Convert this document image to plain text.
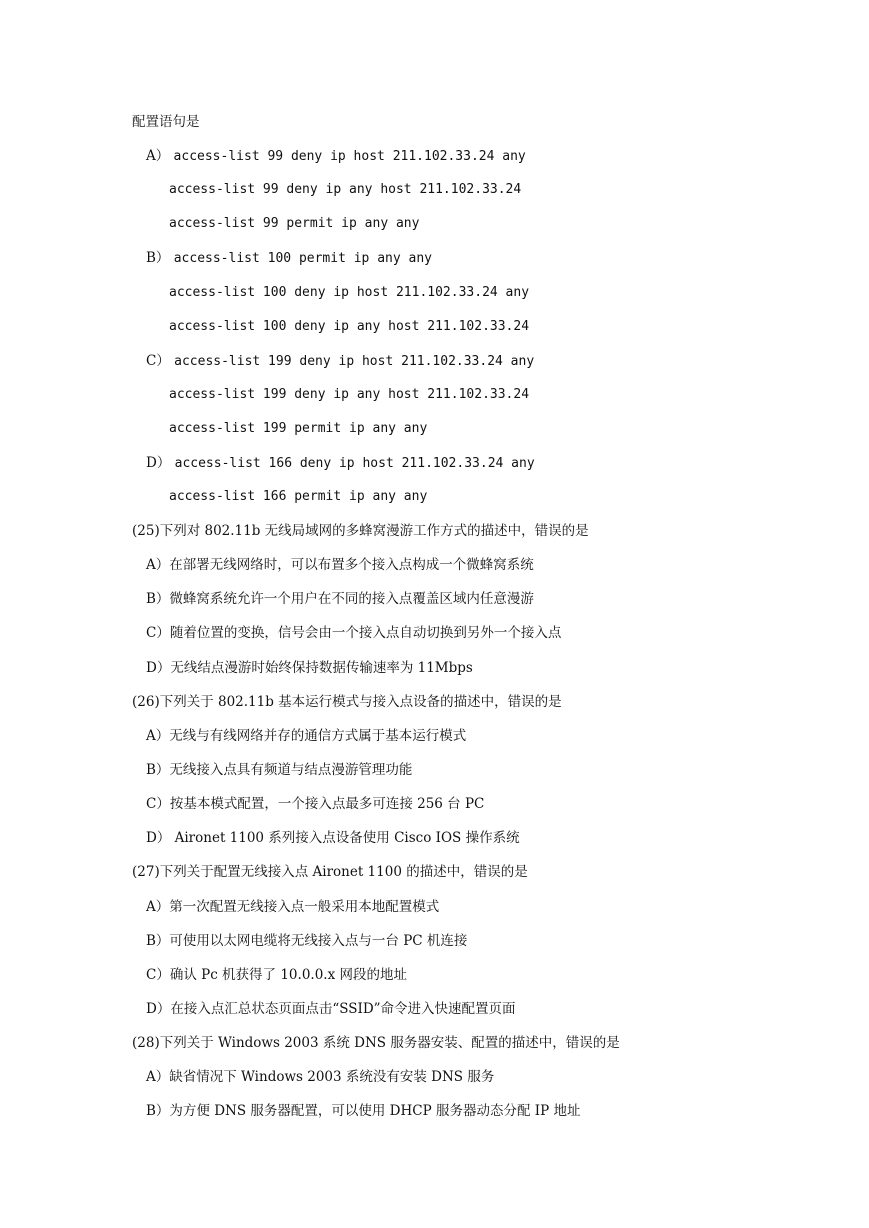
配置语句是
A） access-list 99 deny ip host 211.102.33.24 any
access-list 99 deny ip any host 211.102.33.24
access-list 99 permit ip any any
B） access-list 100 permit ip any any
access-list 100 deny ip host 211.102.33.24 any
access-list 100 deny ip any host 211.102.33.24
C） access-list 199 deny ip host 211.102.33.24 any
access-list 199 deny ip any host 211.102.33.24
access-list 199 permit ip any any
D） access-list 166 deny ip host 211.102.33.24 any
access-list 166 permit ip any any
(25)下列对 802.11b 无线局域网的多蜂窝漫游工作方式的描述中，错误的是
A）在部署无线网络时，可以布置多个接入点构成一个微蜂窝系统
B）微蜂窝系统允许一个用户在不同的接入点覆盖区域内任意漫游
C）随着位置的变换，信号会由一个接入点自动切换到另外一个接入点
D）无线结点漫游时始终保持数据传输速率为 11Mbps
(26)下列关于 802.11b 基本运行模式与接入点设备的描述中，错误的是
A）无线与有线网络并存的通信方式属于基本运行模式
B）无线接入点具有频道与结点漫游管理功能
C）按基本模式配置，一个接入点最多可连接 256 台 PC
D） Aironet 1100 系列接入点设备使用 Cisco IOS 操作系统
(27)下列关于配置无线接入点 Aironet 1100 的描述中，错误的是
A）第一次配置无线接入点一般采用本地配置模式
B）可使用以太网电缆将无线接入点与一台 PC 机连接
C）确认 Pc 机获得了 10.0.0.x 网段的地址
D）在接入点汇总状态页面点击“SSID”命令进入快速配置页面
(28)下列关于 Windows 2003 系统 DNS 服务器安装、配置的描述中，错误的是
A）缺省情况下 Windows 2003 系统没有安装 DNS 服务
B）为方便 DNS 服务器配置，可以使用 DHCP 服务器动态分配 IP 地址
